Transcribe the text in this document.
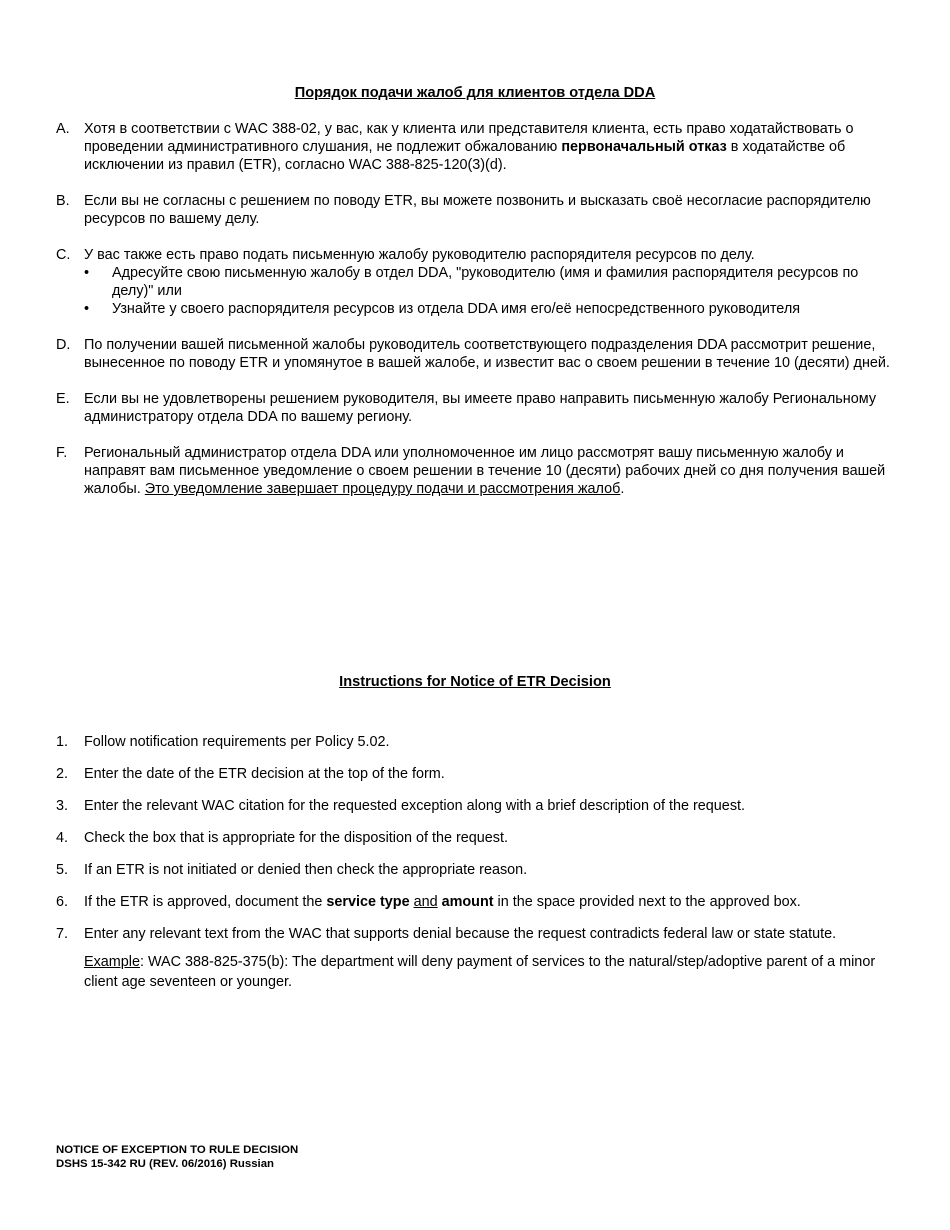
Порядок подачи жалоб для клиентов отдела DDA
A. Хотя в соответствии с WAC 388-02, у вас, как у клиента или представителя клиента, есть право ходатайствовать о проведении административного слушания, не подлежит обжалованию первоначальный отказ в ходатайстве об исключении из правил (ETR), согласно WAC 388-825-120(3)(d).
B. Если вы не согласны с решением по поводу ETR, вы можете позвонить и высказать своё несогласие распорядителю ресурсов по вашему делу.
C. У вас также есть право подать письменную жалобу руководителю распорядителя ресурсов по делу.
•	Адресуйте свою письменную жалобу в отдел DDA, "руководителю (имя и фамилия распорядителя ресурсов по делу)" или
•	Узнайте у своего распорядителя ресурсов из отдела DDA имя его/её непосредственного руководителя
D. По получении вашей письменной жалобы руководитель соответствующего подразделения DDA рассмотрит решение, вынесенное по поводу ETR и упомянутое в вашей жалобе, и известит вас о своем решении в течение 10 (десяти) дней.
E. Если вы не удовлетворены решением руководителя, вы имеете право направить письменную жалобу Региональному администратору отдела DDA по вашему региону.
F.	Региональный администратор отдела DDA или уполномоченное им лицо рассмотрят вашу письменную жалобу и направят вам письменное уведомление о своем решении в течение 10 (десяти) рабочих дней со дня получения вашей жалобы. Это уведомление завершает процедуру подачи и рассмотрения жалоб.
Instructions for Notice of ETR Decision
1.	Follow notification requirements per Policy 5.02.
2.	Enter the date of the ETR decision at the top of the form.
3.	Enter the relevant WAC citation for the requested exception along with a brief description of the request.
4.	Check the box that is appropriate for the disposition of the request.
5.	If an ETR is not initiated or denied then check the appropriate reason.
6.	If the ETR is approved, document the service type and amount in the space provided next to the approved box.
7.	Enter any relevant text from the WAC that supports denial because the request contradicts federal law or state statute.
Example: WAC 388-825-375(b): The department will deny payment of services to the natural/step/adoptive parent of a minor client age seventeen or younger.
NOTICE OF EXCEPTION TO RULE DECISION
DSHS 15-342 RU (REV. 06/2016) Russian
